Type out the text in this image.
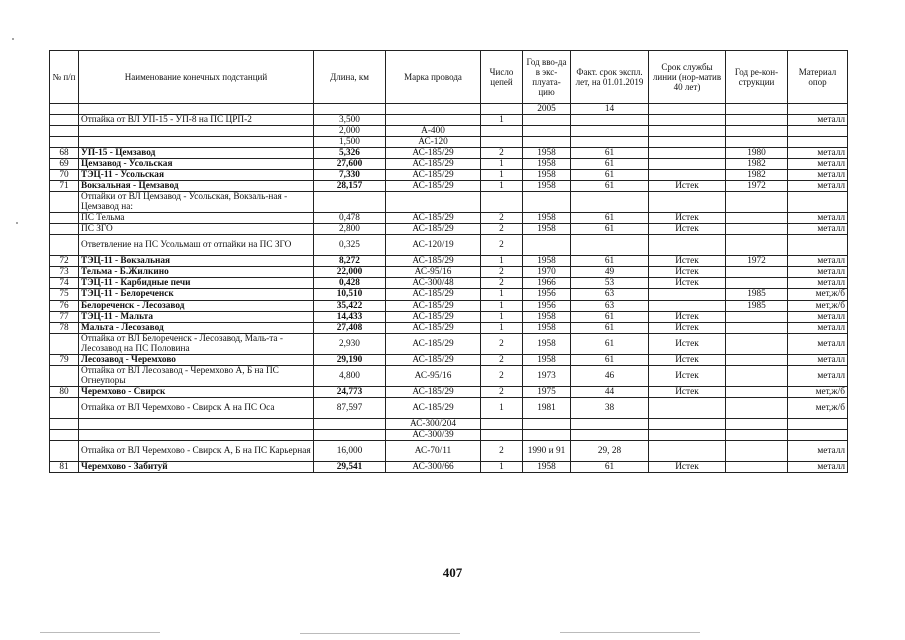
№ п/п	Наименование конечных подстанций	Длина, км	Марка провода	Число цепей	Год вво-да в экс-плуата-цию	Факт. срок экспл. лет, на 01.01.2019	Срок службы линии (нор-матив 40 лет)	Год ре-кон-струкции	Материал опор
					2005	14			
	Отпайка от ВЛ УП-15 - УП-8 на ПС ЦРП-2	3,500		1					металл
		2,000	А-400						
		1,500	АС-120						
68	УП-15 - Цемзавод	5,326	АС-185/29	2	1958	61		1980	металл
69	Цемзавод - Усольская	27,600	АС-185/29	1	1958	61		1982	металл
70	ТЭЦ-11 - Усольская	7,330	АС-185/29	1	1958	61		1982	металл
71	Вокзальная - Цемзавод	28,157	АС-185/29	1	1958	61	Истек	1972	металл
	Отпайки от ВЛ Цемзавод - Усольская, Вокзаль-ная - Цемзавод на:								
	ПС Тельма	0,478	АС-185/29	2	1958	61	Истек		металл
	ПС ЗГО	2,800	АС-185/29	2	1958	61	Истек		металл
	Ответвление на ПС Усольмаш от отпайки на ПС ЗГО	0,325	АС-120/19	2					
72	ТЭЦ-11 - Вокзальная	8,272	АС-185/29	1	1958	61	Истек	1972	металл
73	Тельма - Б.Жилкино	22,000	АС-95/16	2	1970	49	Истек		металл
74	ТЭЦ-11 - Карбидные печи	0,428	АС-300/48	2	1966	53	Истек		металл
75	ТЭЦ-11 - Белореченск	10,510	АС-185/29	1	1956	63		1985	мет,ж/б
76	Белореченск - Лесозавод	35,422	АС-185/29	1	1956	63		1985	мет,ж/б
77	ТЭЦ-11 - Мальта	14,433	АС-185/29	1	1958	61	Истек		металл
78	Мальта - Лесозавод	27,408	АС-185/29	1	1958	61	Истек		металл
	Отпайка от ВЛ Белореченск - Лесозавод, Маль-та - Лесозавод на ПС Половина	2,930	АС-185/29	2	1958	61	Истек		металл
79	Лесозавод - Черемхово	29,190	АС-185/29	2	1958	61	Истек		металл
	Отпайка от ВЛ Лесозавод - Черемхово А, Б на ПС Огнеупоры	4,800	АС-95/16	2	1973	46	Истек		металл
80	Черемхово - Свирск	24,773	АС-185/29	2	1975	44	Истек		мет,ж/б
	Отпайка от ВЛ Черемхово - Свирск А на ПС Оса	87,597	АС-185/29	1	1981	38			мет,ж/б
			АС-300/204						
			АС-300/39						
	Отпайка от ВЛ Черемхово - Свирск А, Б на ПС Карьерная	16,000	АС-70/11	2	1990 и 91	29, 28			металл
81	Черемхово - Забитуй	29,541	АС-300/66	1	1958	61	Истек		металл
407
